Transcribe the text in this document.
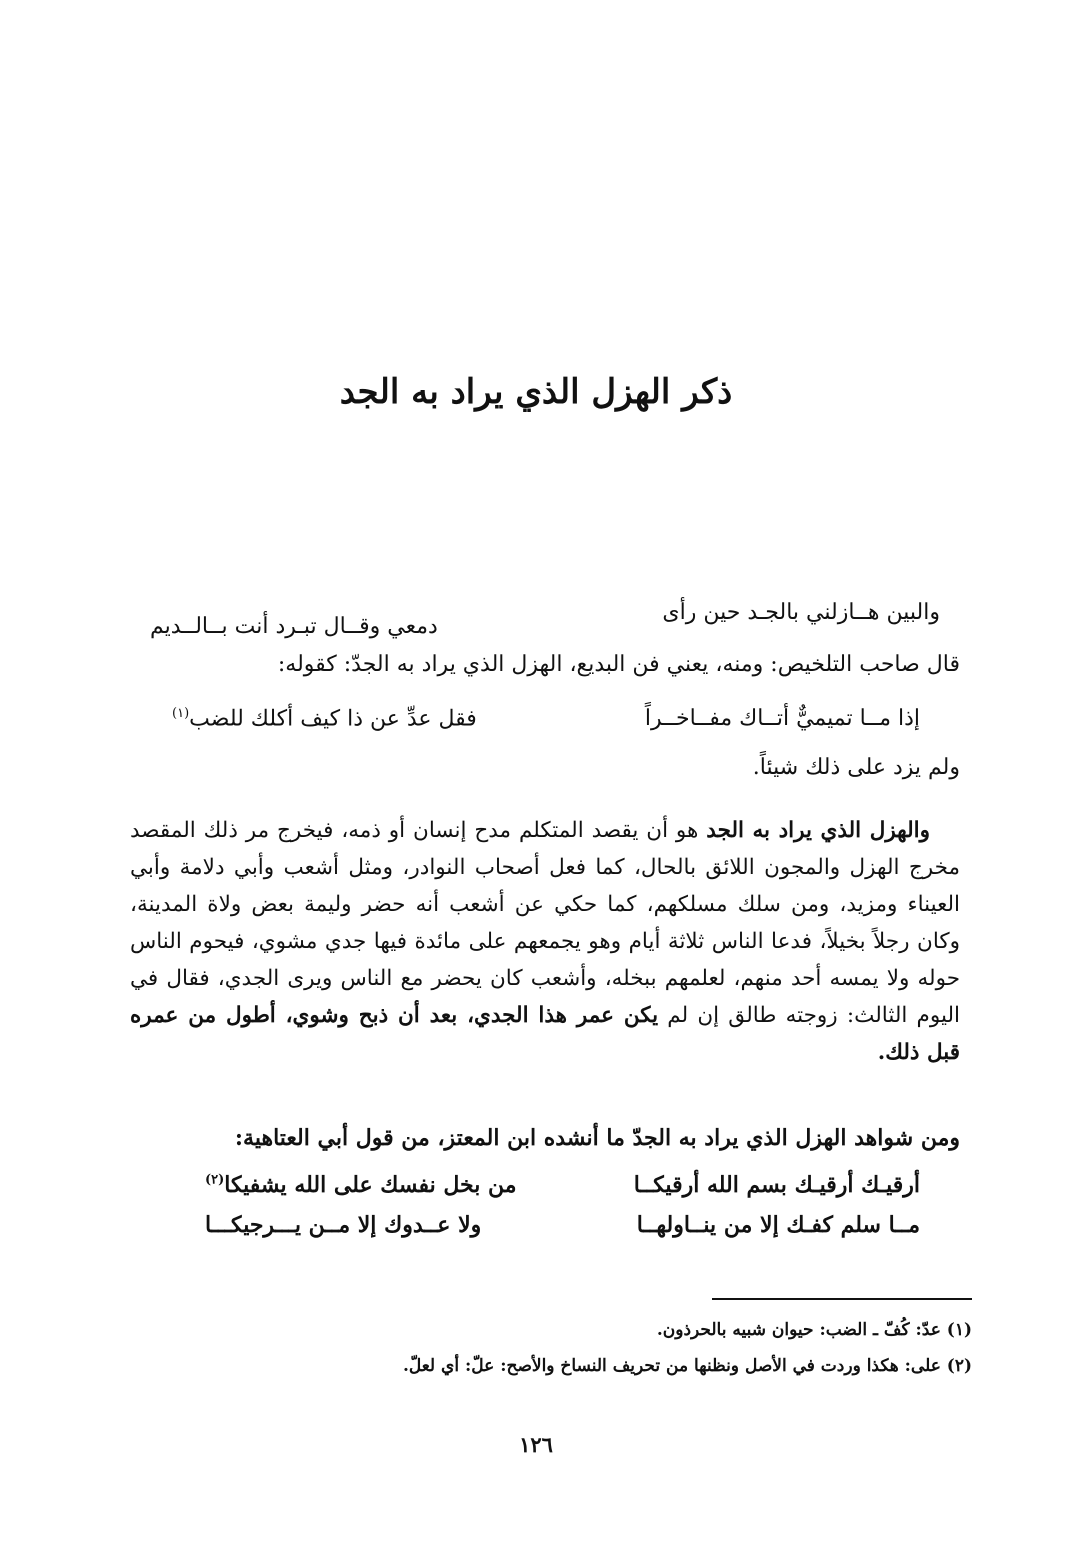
ذكر الهزل الذي يراد به الجد
والبين هــازلني بالجـد حين رأى
دمعي وقــال تبـرد أنت بــالــديم
قال صاحب التلخيص: ومنه، يعني فن البديع، الهزل الذي يراد به الجدّ: كقوله:
إذا مــا تميميٌّ أتــاك مفــاخــراً
فقل عدِّ عن ذا كيف أكلك للضب$^{(١)}$
ولم يزد على ذلك شيئاً.
والهزل الذي يراد به الجد هو أن يقصد المتكلم مدح إنسان أو ذمه، فيخرج مر ذلك المقصد مخرج الهزل والمجون اللائق بالحال، كما فعل أصحاب النوادر، ومثل أشعب وأبي دلامة وأبي العيناء ومزيد، ومن سلك مسلكهم، كما حكي عن أشعب أنه حضر وليمة بعض ولاة المدينة، وكان رجلاً بخيلاً، فدعا الناس ثلاثة أيام وهو يجمعهم على مائدة فيها جدي مشوي، فيحوم الناس حوله ولا يمسه أحد منهم، لعلمهم ببخله، وأشعب كان يحضر مع الناس ويرى الجدي، فقال في اليوم الثالث: زوجته طالق إن لم يكن عمر هذا الجدي، بعد أن ذبح وشوي، أطول من عمره قبل ذلك.
ومن شواهد الهزل الذي يراد به الجدّ ما أنشده ابن المعتز، من قول أبي العتاهية:
أرقيـك أرقيـك بسم الله أرقيكــا
من بخل نفسك على الله يشفيكا$^{(٢)}$
مــا سلم كفـك إلا من ينــاولهــا
ولا عــدوك إلا مــن يـــرجيكـــا
(١) عدّ: كُفّ ـ الضب: حيوان شبيه بالحرذون.
(٢) على: هكذا وردت في الأصل ونظنها من تحريف النساخ والأصح: علّ: أي لعلّ.
١٢٦
